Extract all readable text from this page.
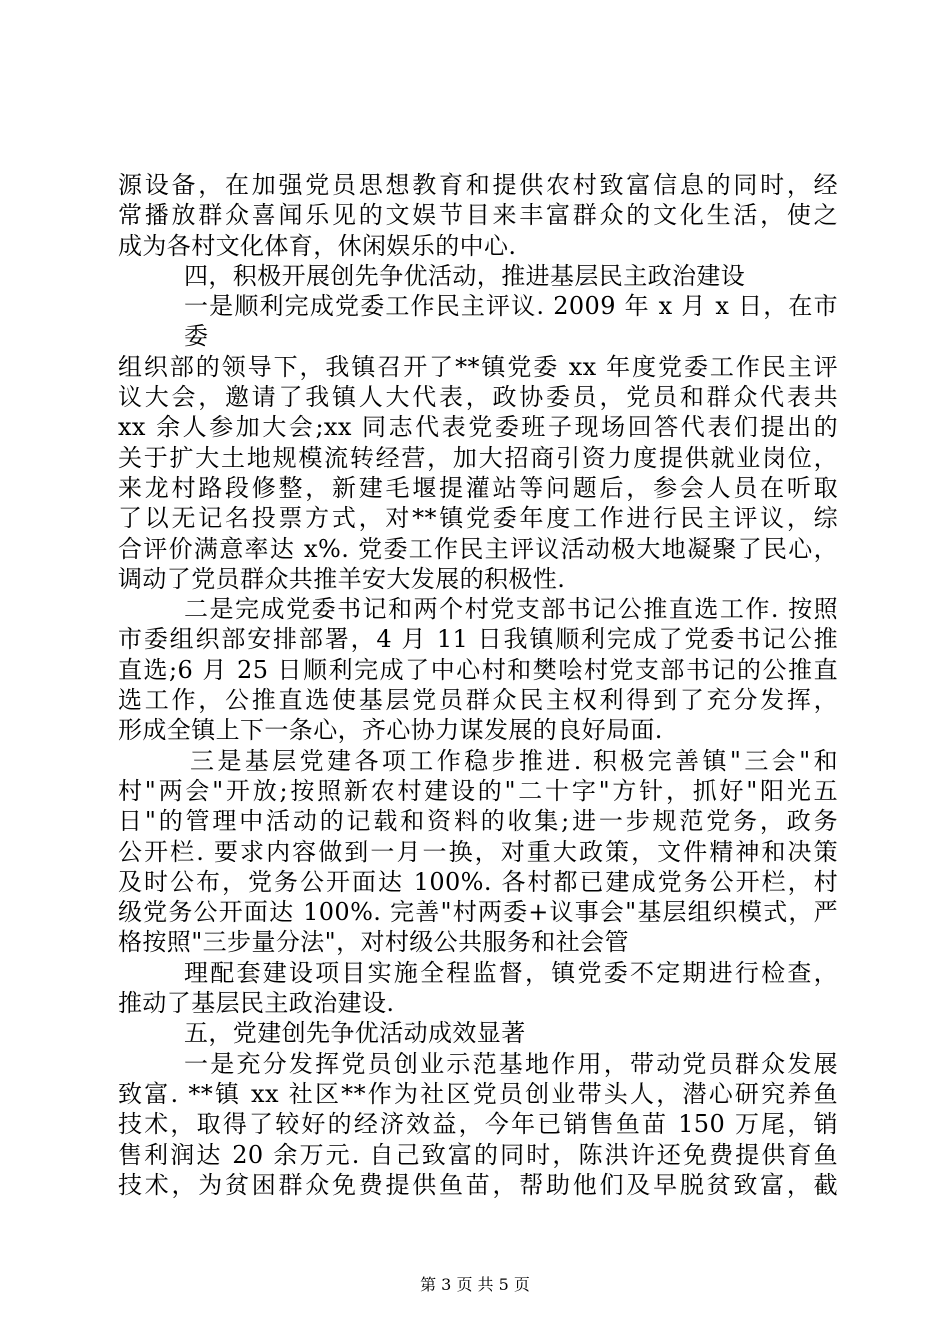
源设备，在加强党员思想教育和提供农村致富信息的同时，经
常播放群众喜闻乐见的文娱节目来丰富群众的文化生活，使之
成为各村文化体育，休闲娱乐的中心.
四，积极开展创先争优活动，推进基层民主政治建设
一是顺利完成党委工作民主评议. 2009 年 x 月 x 日，在市委
组织部的领导下，我镇召开了**镇党委 xx 年度党委工作民主评
议大会，邀请了我镇人大代表，政协委员，党员和群众代表共
xx 余人参加大会;xx 同志代表党委班子现场回答代表们提出的
关于扩大土地规模流转经营，加大招商引资力度提供就业岗位，
来龙村路段修整，新建毛堰提灌站等问题后，参会人员在听取
了以无记名投票方式，对**镇党委年度工作进行民主评议，综
合评价满意率达 x%. 党委工作民主评议活动极大地凝聚了民心，
调动了党员群众共推羊安大发展的积极性.
二是完成党委书记和两个村党支部书记公推直选工作. 按照
市委组织部安排部署，4 月 11 日我镇顺利完成了党委书记公推
直选;6 月 25 日顺利完成了中心村和樊哙村党支部书记的公推直
选工作，公推直选使基层党员群众民主权利得到了充分发挥，
形成全镇上下一条心，齐心协力谋发展的良好局面.
三是基层党建各项工作稳步推进. 积极完善镇"三会"和
村"两会"开放;按照新农村建设的"二十字"方针，抓好"阳光五
日"的管理中活动的记载和资料的收集;进一步规范党务，政务
公开栏. 要求内容做到一月一换，对重大政策，文件精神和决策
及时公布，党务公开面达 100%. 各村都已建成党务公开栏，村
级党务公开面达 100%. 完善"村两委+议事会"基层组织模式，严
格按照"三步量分法"，对村级公共服务和社会管
理配套建设项目实施全程监督，镇党委不定期进行检查，
推动了基层民主政治建设.
五，党建创先争优活动成效显著
一是充分发挥党员创业示范基地作用，带动党员群众发展
致富. **镇 xx 社区**作为社区党员创业带头人，潜心研究养鱼
技术，取得了较好的经济效益，今年已销售鱼苗 150 万尾，销
售利润达 20 余万元. 自己致富的同时，陈洪许还免费提供育鱼
技术，为贫困群众免费提供鱼苗，帮助他们及早脱贫致富，截
第 3 页 共 5 页
